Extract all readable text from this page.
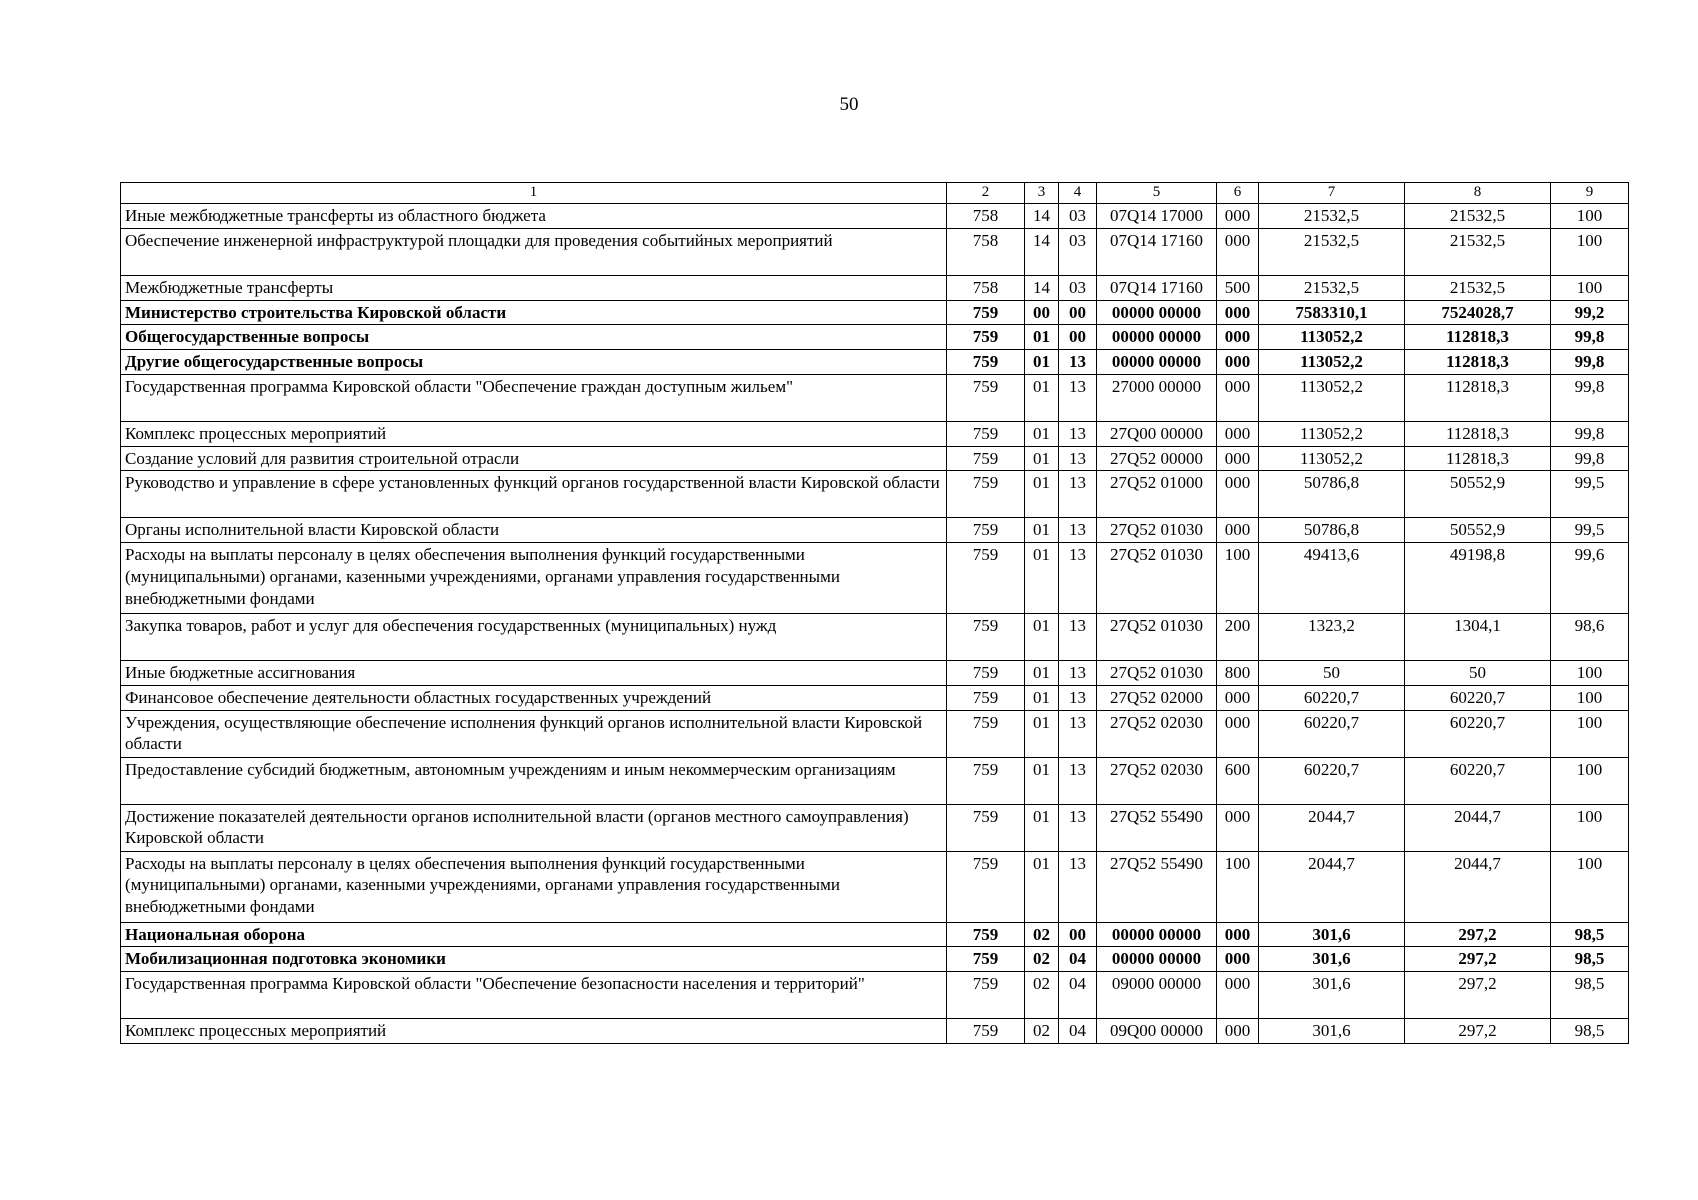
50
1	2	3	4	5	6	7	8	9
Иные межбюджетные трансферты из областного бюджета	758	14	03	07Q14 17000	000	21532,5	21532,5	100
Обеспечение инженерной инфраструктурой площадки для проведения событийных мероприятий	758	14	03	07Q14 17160	000	21532,5	21532,5	100
Межбюджетные трансферты	758	14	03	07Q14 17160	500	21532,5	21532,5	100
Министерство строительства Кировской области	759	00	00	00000 00000	000	7583310,1	7524028,7	99,2
Общегосударственные вопросы	759	01	00	00000 00000	000	113052,2	112818,3	99,8
Другие общегосударственные вопросы	759	01	13	00000 00000	000	113052,2	112818,3	99,8
Государственная программа Кировской области "Обеспечение граждан доступным жильем"	759	01	13	27000 00000	000	113052,2	112818,3	99,8
Комплекс процессных мероприятий	759	01	13	27Q00 00000	000	113052,2	112818,3	99,8
Создание условий для развития строительной отрасли	759	01	13	27Q52 00000	000	113052,2	112818,3	99,8
Руководство и управление в сфере установленных функций органов государственной власти Кировской области	759	01	13	27Q52 01000	000	50786,8	50552,9	99,5
Органы исполнительной власти Кировской области	759	01	13	27Q52 01030	000	50786,8	50552,9	99,5
Расходы на выплаты персоналу в целях обеспечения выполнения функций государственными (муниципальными) органами, казенными учреждениями, органами управления государственными внебюджетными фондами	759	01	13	27Q52 01030	100	49413,6	49198,8	99,6
Закупка товаров, работ и услуг для обеспечения государственных (муниципальных) нужд	759	01	13	27Q52 01030	200	1323,2	1304,1	98,6
Иные бюджетные ассигнования	759	01	13	27Q52 01030	800	50	50	100
Финансовое обеспечение деятельности областных государственных учреждений	759	01	13	27Q52 02000	000	60220,7	60220,7	100
Учреждения, осуществляющие обеспечение исполнения функций органов исполнительной власти Кировской области	759	01	13	27Q52 02030	000	60220,7	60220,7	100
Предоставление субсидий бюджетным, автономным учреждениям и иным некоммерческим организациям	759	01	13	27Q52 02030	600	60220,7	60220,7	100
Достижение показателей деятельности органов исполнительной власти (органов местного самоуправления) Кировской области	759	01	13	27Q52 55490	000	2044,7	2044,7	100
Расходы на выплаты персоналу в целях обеспечения выполнения функций государственными (муниципальными) органами, казенными учреждениями, органами управления государственными внебюджетными фондами	759	01	13	27Q52 55490	100	2044,7	2044,7	100
Национальная оборона	759	02	00	00000 00000	000	301,6	297,2	98,5
Мобилизационная подготовка экономики	759	02	04	00000 00000	000	301,6	297,2	98,5
Государственная программа Кировской области "Обеспечение безопасности населения и территорий"	759	02	04	09000 00000	000	301,6	297,2	98,5
Комплекс процессных мероприятий	759	02	04	09Q00 00000	000	301,6	297,2	98,5
